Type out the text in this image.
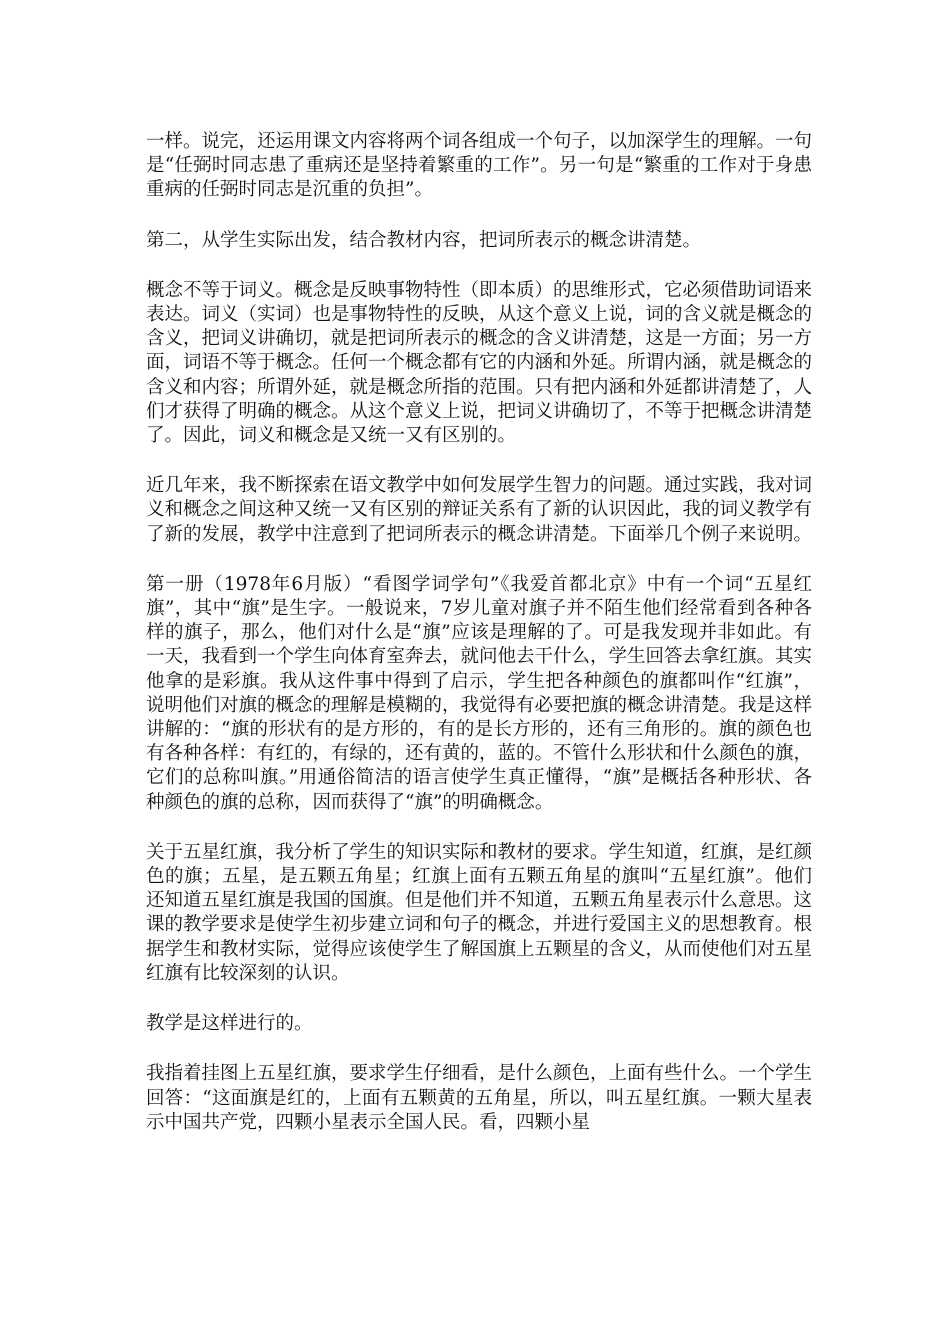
一样。说完，还运用课文内容将两个词各组成一个句子，以加深学生的理解。一句是“任弼时同志患了重病还是坚持着繁重的工作”。另一句是“繁重的工作对于身患重病的任弼时同志是沉重的负担”。

第二，从学生实际出发，结合教材内容，把词所表示的概念讲清楚。

概念不等于词义。概念是反映事物特性（即本质）的思维形式，它必须借助词语来表达。词义（实词）也是事物特性的反映，从这个意义上说，词的含义就是概念的含义，把词义讲确切，就是把词所表示的概念的含义讲清楚，这是一方面；另一方面，词语不等于概念。任何一个概念都有它的内涵和外延。所谓内涵，就是概念的含义和内容；所谓外延，就是概念所指的范围。只有把内涵和外延都讲清楚了，人们才获得了明确的概念。从这个意义上说，把词义讲确切了，不等于把概念讲清楚了。因此，词义和概念是又统一又有区别的。

近几年来，我不断探索在语文教学中如何发展学生智力的问题。通过实践，我对词义和概念之间这种又统一又有区别的辩证关系有了新的认识因此，我的词义教学有了新的发展，教学中注意到了把词所表示的概念讲清楚。下面举几个例子来说明。

第一册（1978年6月版）“看图学词学句”《我爱首都北京》中有一个词“五星红旗”，其中“旗”是生字。一般说来，7岁儿童对旗子并不陌生他们经常看到各种各样的旗子，那么，他们对什么是“旗”应该是理解的了。可是我发现并非如此。有一天，我看到一个学生向体育室奔去，就问他去干什么，学生回答去拿红旗。其实他拿的是彩旗。我从这件事中得到了启示，学生把各种颜色的旗都叫作“红旗”，说明他们对旗的概念的理解是模糊的，我觉得有必要把旗的概念讲清楚。我是这样讲解的：“旗的形状有的是方形的，有的是长方形的，还有三角形的。旗的颜色也有各种各样：有红的，有绿的，还有黄的，蓝的。不管什么形状和什么颜色的旗，它们的总称叫旗。”用通俗简洁的语言使学生真正懂得，“旗”是概括各种形状、各种颜色的旗的总称，因而获得了“旗”的明确概念。

关于五星红旗，我分析了学生的知识实际和教材的要求。学生知道，红旗，是红颜色的旗；五星，是五颗五角星；红旗上面有五颗五角星的旗叫“五星红旗”。他们还知道五星红旗是我国的国旗。但是他们并不知道，五颗五角星表示什么意思。这课的教学要求是使学生初步建立词和句子的概念，并进行爱国主义的思想教育。根据学生和教材实际，觉得应该使学生了解国旗上五颗星的含义，从而使他们对五星红旗有比较深刻的认识。

教学是这样进行的。

我指着挂图上五星红旗，要求学生仔细看，是什么颜色，上面有些什么。一个学生回答：“这面旗是红的，上面有五颗黄的五角星，所以，叫五星红旗。一颗大星表示中国共产党，四颗小星表示全国人民。看，四颗小星
